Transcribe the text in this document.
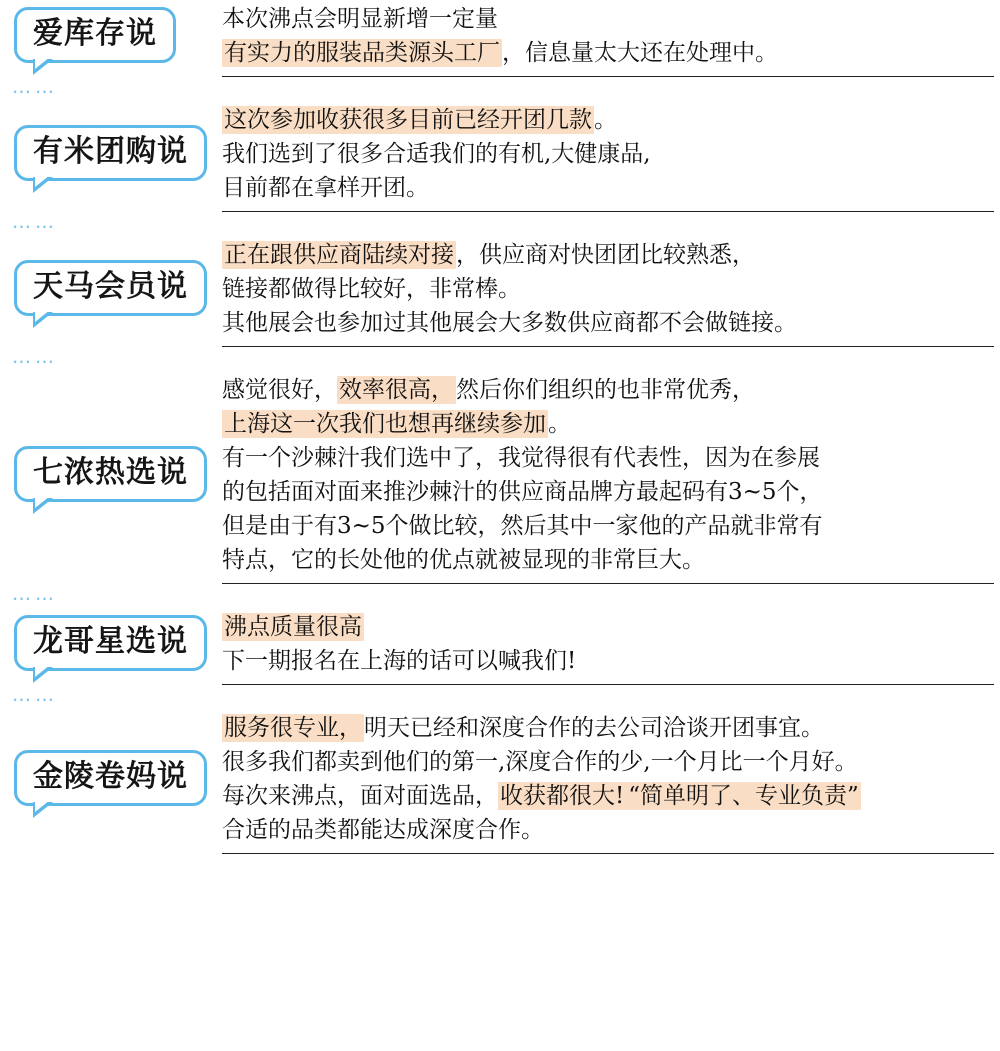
爱库存说	本次沸点会明显新增一定量
有实力的服装品类源头工厂，信息量太大还在处理中。
……
有米团购说
这次参加收获很多目前已经开团几款。
我们选到了很多合适我们的有机,大健康品,
目前都在拿样开团。
……
天马会员说
正在跟供应商陆续对接，供应商对快团团比较熟悉，
链接都做得比较好，非常棒。
其他展会也参加过其他展会大多数供应商都不会做链接。
……
七浓热选说
感觉很好，效率很高，然后你们组织的也非常优秀，
上海这一次我们也想再继续参加。
有一个沙棘汁我们选中了，我觉得很有代表性，因为在参展
的包括面对面来推沙棘汁的供应商品牌方最起码有3~5个，
但是由于有3~5个做比较，然后其中一家他的产品就非常有
特点，它的长处他的优点就被显现的非常巨大。
……
龙哥星选说 沸点质量很高
下一期报名在上海的话可以喊我们!
……
金陵卷妈说
服务很专业，明天已经和深度合作的去公司洽谈开团事宜。
很多我们都卖到他们的第一,深度合作的少,一个月比一个月好。
每次来沸点，面对面选品，收获都很大! “简单明了、专业负责”
合适的品类都能达成深度合作。
